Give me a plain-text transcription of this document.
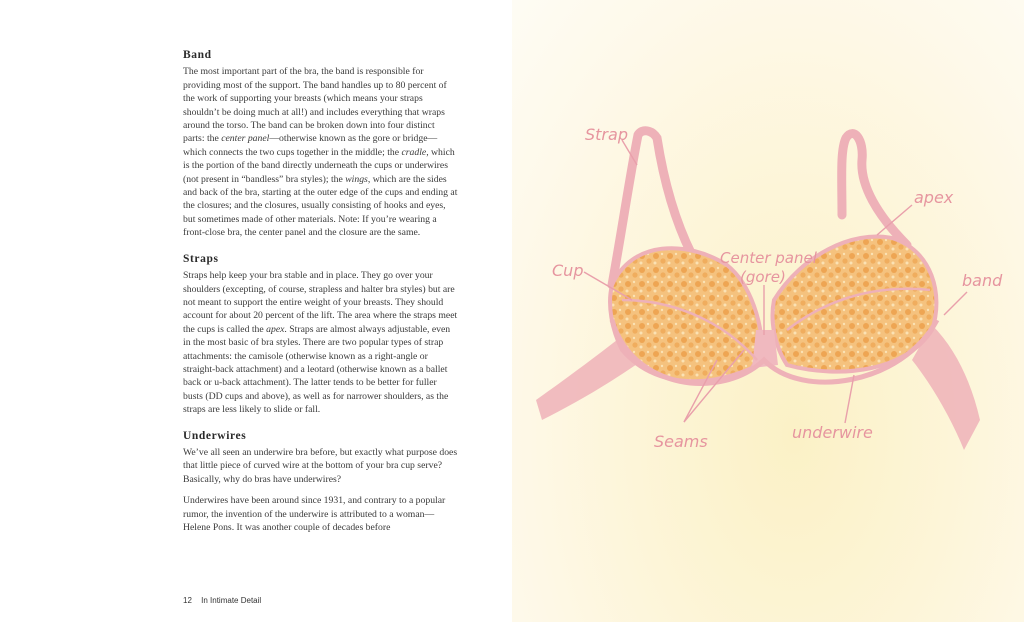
Band

The most important part of the bra, the band is responsible for providing most of the support. The band handles up to 80 percent of the work of supporting your breasts (which means your straps shouldn’t be doing much at all!) and includes everything that wraps around the torso. The band can be broken down into four distinct parts: the center panel—otherwise known as the gore or bridge—which connects the two cups together in the middle; the cradle, which is the portion of the band directly underneath the cups or underwires (not present in “bandless” bra styles); the wings, which are the sides and back of the bra, starting at the outer edge of the cups and ending at the closures; and the closures, usually consisting of hooks and eyes, but sometimes made of other materials. Note: If you’re wearing a front-close bra, the center panel and the closure are the same.

Straps

Straps help keep your bra stable and in place. They go over your shoulders (excepting, of course, strapless and halter bra styles) but are not meant to support the entire weight of your breasts. They should account for about 20 percent of the lift. The area where the straps meet the cups is called the apex. Straps are almost always adjustable, even in the most basic of bra styles. There are two popular types of strap attachments: the camisole (otherwise known as a right-angle or straight-back attachment) and a leotard (otherwise known as a ballet back or u-back attachment). The latter tends to be better for fuller busts (DD cups and above), as well as for narrower shoulders, as the straps are less likely to slide or fall.

Underwires

We’ve all seen an underwire bra before, but exactly what purpose does that little piece of curved wire at the bottom of your bra cup serve? Basically, why do bras have underwires?

Underwires have been around since 1931, and contrary to a popular rumor, the invention of the underwire is attributed to a woman—Helene Pons. It was another couple of decades before

12 In Intimate Detail
Strap
apex
Center panel
(gore)
Cup
band
Seams	underwire
